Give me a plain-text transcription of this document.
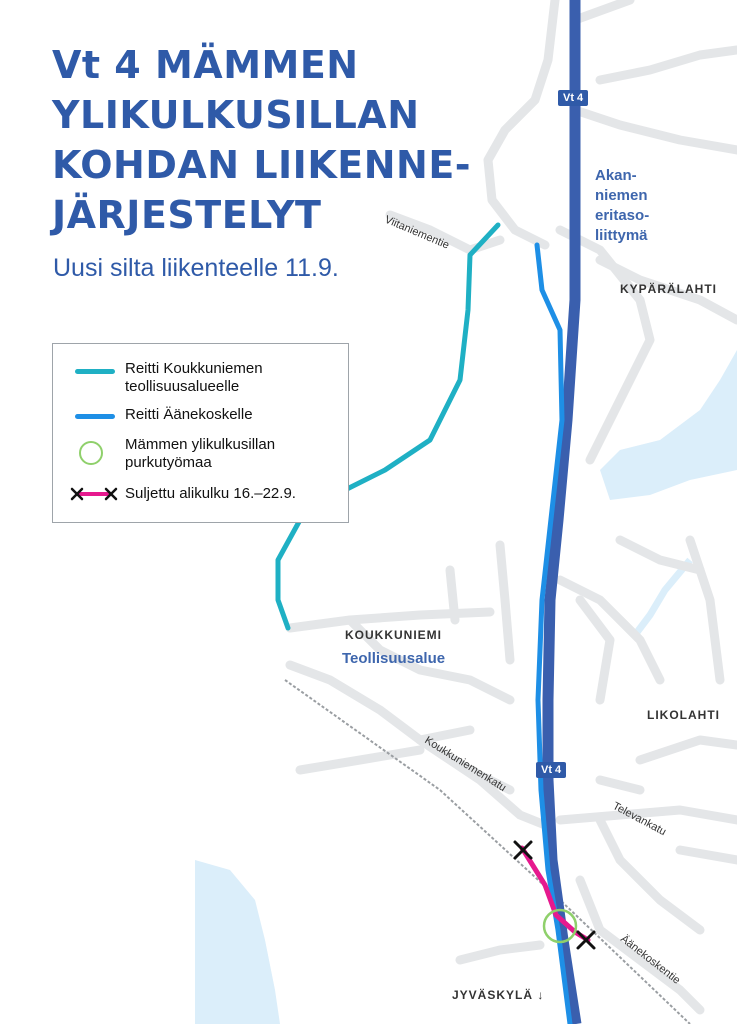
Viitaniementie
Koukkuniemenkatu
Televankatu
Äänekoskentie
Vt 4 MÄMMEN
YLIKULKUSILLAN
KOHDAN LIIKENNE-
JÄRJESTELYT
Uusi silta liikenteelle 11.9.
Reitti Koukkuniemen
teollisuusalueelle
Reitti Äänekoskelle
Mämmen ylikulkusillan
purkutyömaa
Suljettu alikulku 16.–22.9.
Vt 4
Vt 4
Akan-
niemen
eritaso-
liittymä
KYPÄRÄLAHTI
KOUKKUNIEMI
Teollisuusalue
LIKOLAHTI
JYVÄSKYLÄ ↓
